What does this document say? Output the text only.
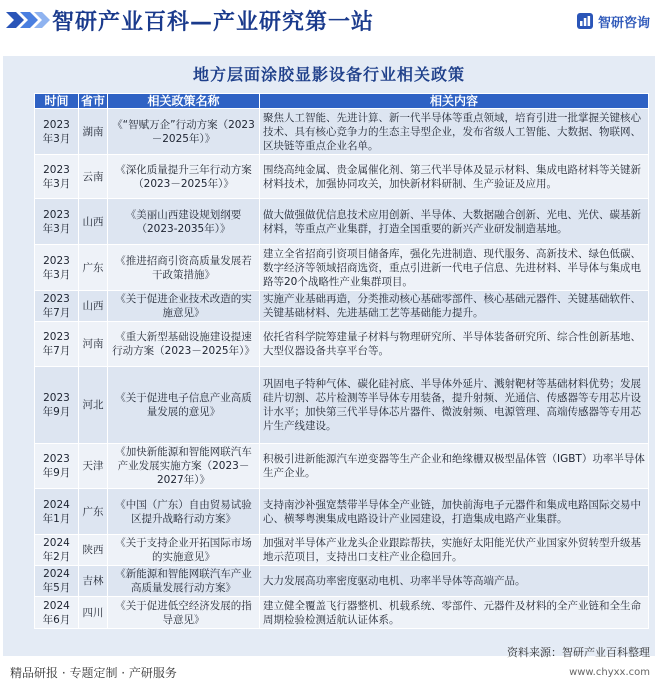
智研产业百科—产业研究第一站	智研咨询
地方层面涂胶显影设备行业相关政策
时间	省市	相关政策名称	相关内容
2023年3月	湖南	《“智赋万企”行动方案（2023－2025年）》	聚焦人工智能、先进计算、新一代半导体等重点领域，培育引进一批掌握关键核心技术、具有核心竞争力的生态主导型企业，发布省级人工智能、大数据、物联网、区块链等重点企业名单。
2023年3月	云南	《深化质量提升三年行动方案（2023－2025年）》	围绕高纯金属、贵金属催化剂、第三代半导体及显示材料、集成电路材料等关键新材料技术，加强协同攻关，加快新材料研制、生产验证及应用。
2023年3月	山西	《美丽山西建设规划纲要（2023-2035年）》	做大做强做优信息技术应用创新、半导体、大数据融合创新、光电、光伏、碳基新材料，等重点产业集群，打造全国重要的新兴产业研发制造基地。
2023年3月	广东	《推进招商引资高质量发展若干政策措施》	建立全省招商引资项目储备库，强化先进制造、现代服务、高新技术、绿色低碳、数字经济等领域招商选资，重点引进新一代电子信息、先进材料、半导体与集成电路等20个战略性产业集群项目。
2023年7月	山西	《关于促进企业技术改造的实施意见》	实施产业基础再造，分类推动核心基础零部件、核心基础元器件、关键基础软件、关键基础材料、先进基础工艺等基础能力提升。
2023年7月	河南	《重大新型基础设施建设提速行动方案（2023－2025年）》	依托省科学院筹建量子材料与物理研究所、半导体装备研究所、综合性创新基地、大型仪器设备共享平台等。
2023年9月	河北	《关于促进电子信息产业高质量发展的意见》	巩固电子特种气体、碳化硅衬底、半导体外延片、溅射靶材等基础材料优势；发展硅片切割、芯片检测等半导体专用装备，提升射频、光通信、传感器等专用芯片设计水平；加快第三代半导体芯片器件、微波射频、电源管理、高端传感器等专用芯片生产线建设。
2023年9月	天津	《加快新能源和智能网联汽车产业发展实施方案（2023－2027年）》	积极引进新能源汽车逆变器等生产企业和绝缘栅双极型晶体管（IGBT）功率半导体生产企业。
2024年1月	广东	《中国（广东）自由贸易试验区提升战略行动方案》	支持南沙补强宽禁带半导体全产业链，加快前海电子元器件和集成电路国际交易中心、横琴粤澳集成电路设计产业园建设，打造集成电路产业集群。
2024年2月	陕西	《关于支持企业开拓国际市场的实施意见》	加强对半导体产业龙头企业跟踪帮扶，实施好太阳能光伏产业国家外贸转型升级基地示范项目，支持出口支柱产业企稳回升。
2024年5月	吉林	《新能源和智能网联汽车产业高质量发展行动方案》	大力发展高功率密度驱动电机、功率半导体等高端产品。
2024年6月	四川	《关于促进低空经济发展的指导意见》	建立健全覆盖飞行器整机、机载系统、零部件、元器件及材料的全产业链和全生命周期检验检测适航认证体系。
资料来源：智研产业百科整理
精品研报 · 专题定制 · 产研服务	www.chyxx.com
